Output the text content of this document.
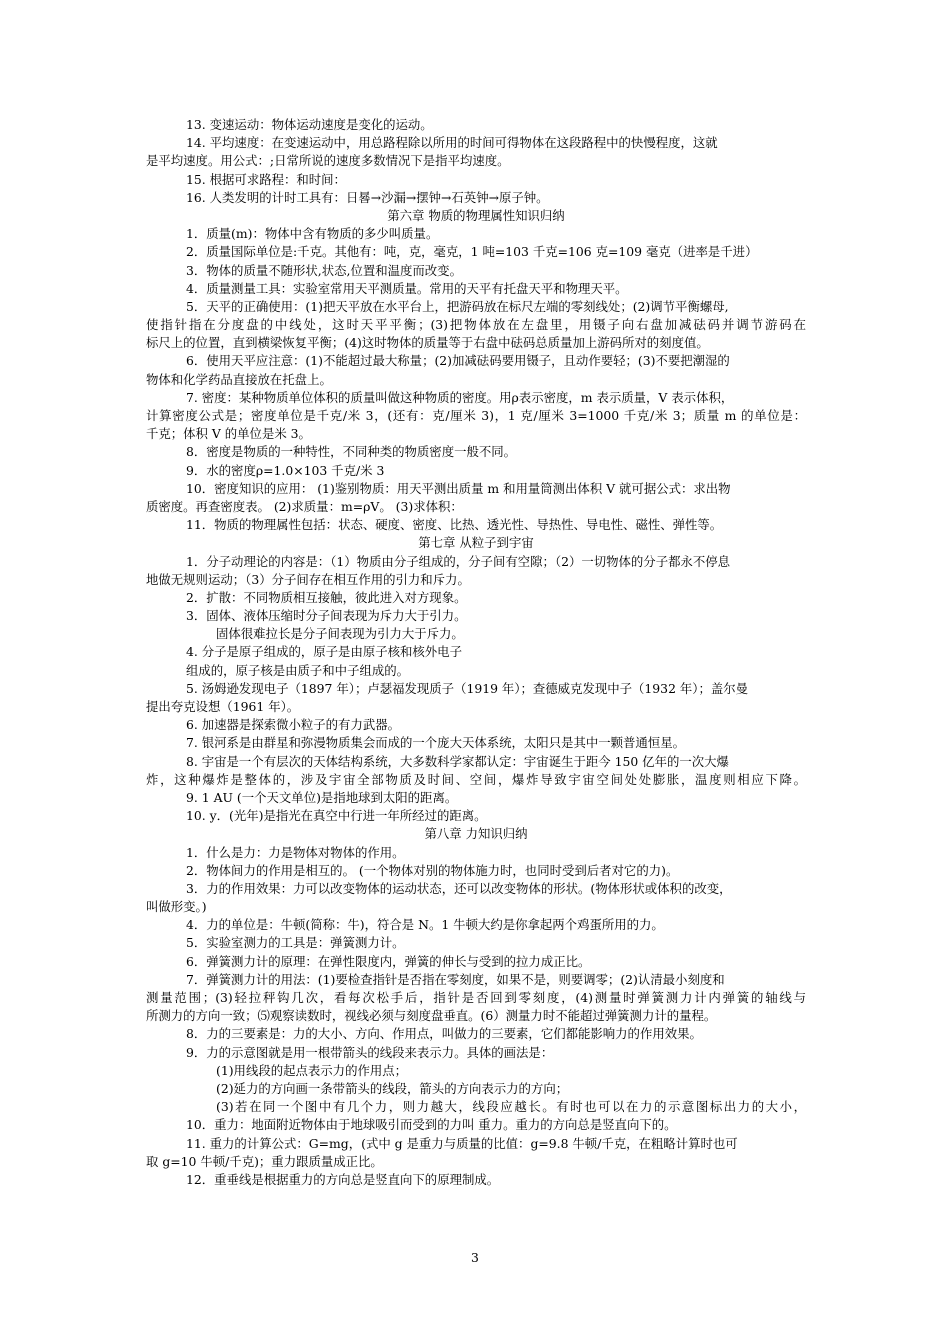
13. 变速运动：物体运动速度是变化的运动。
14. 平均速度：在变速运动中，用总路程除以所用的时间可得物体在这段路程中的快慢程度，这就
是平均速度。用公式：;日常所说的速度多数情况下是指平均速度。
15. 根据可求路程：和时间：
16. 人类发明的计时工具有：日晷→沙漏→摆钟→石英钟→原子钟。
第六章 物质的物理属性知识归纳
1．质量(m)：物体中含有物质的多少叫质量。
2．质量国际单位是:千克。其他有：吨，克，毫克，1 吨=103 千克=106 克=109 毫克（进率是千进）
3．物体的质量不随形状,状态,位置和温度而改变。
4．质量测量工具：实验室常用天平测质量。常用的天平有托盘天平和物理天平。
5．天平的正确使用：(1)把天平放在水平台上，把游码放在标尺左端的零刻线处；(2)调节平衡螺母,
使指针指在分度盘的中线处，这时天平平衡；(3)把物体放在左盘里，用镊子向右盘加减砝码并调节游码在
标尺上的位置，直到横梁恢复平衡；(4)这时物体的质量等于右盘中砝码总质量加上游码所对的刻度值。
6．使用天平应注意：(1)不能超过最大称量；(2)加减砝码要用镊子，且动作要轻；(3)不要把潮湿的
物体和化学药品直接放在托盘上。
7. 密度：某种物质单位体积的质量叫做这种物质的密度。用ρ表示密度，m 表示质量，V 表示体积，
计算密度公式是；密度单位是千克/米 3，(还有：克/厘米 3)，1 克/厘米 3=1000 千克/米 3；质量 m 的单位是：
千克；体积 V 的单位是米 3。
8．密度是物质的一种特性，不同种类的物质密度一般不同。
9．水的密度ρ=1.0×103 千克/米 3
10．密度知识的应用： (1)鉴别物质：用天平测出质量 m 和用量筒测出体积 V 就可据公式：求出物
质密度。再查密度表。 (2)求质量：m=ρV。 (3)求体积：
11．物质的物理属性包括：状态、硬度、密度、比热、透光性、导热性、导电性、磁性、弹性等。
第七章 从粒子到宇宙
1．分子动理论的内容是：（1）物质由分子组成的，分子间有空隙；（2）一切物体的分子都永不停息
地做无规则运动；（3）分子间存在相互作用的引力和斥力。
2．扩散：不同物质相互接触，彼此进入对方现象。
3．固体、液体压缩时分子间表现为斥力大于引力。
固体很难拉长是分子间表现为引力大于斥力。
4. 分子是原子组成的，原子是由原子核和核外电子
组成的，原子核是由质子和中子组成的。
5. 汤姆逊发现电子（1897 年）；卢瑟福发现质子（1919 年）；查德威克发现中子（1932 年）；盖尔曼
提出夸克设想（1961 年）。
6. 加速器是探索微小粒子的有力武器。
7. 银河系是由群星和弥漫物质集会而成的一个庞大天体系统，太阳只是其中一颗普通恒星。
8. 宇宙是一个有层次的天体结构系统，大多数科学家都认定：宇宙诞生于距今 150 亿年的一次大爆
炸，这种爆炸是整体的，涉及宇宙全部物质及时间、空间，爆炸导致宇宙空间处处膨胀，温度则相应下降。
9. 1 AU (一个天文单位)是指地球到太阳的距离。
10. y．(光年)是指光在真空中行进一年所经过的距离。
第八章 力知识归纳
1．什么是力：力是物体对物体的作用。
2．物体间力的作用是相互的。 (一个物体对别的物体施力时，也同时受到后者对它的力)。
3．力的作用效果：力可以改变物体的运动状态，还可以改变物体的形状。(物体形状或体积的改变，
叫做形变。)
4．力的单位是：牛顿(简称：牛)，符合是 N。1 牛顿大约是你拿起两个鸡蛋所用的力。
5．实验室测力的工具是：弹簧测力计。
6．弹簧测力计的原理：在弹性限度内，弹簧的伸长与受到的拉力成正比。
7．弹簧测力计的用法：(1)要检查指针是否指在零刻度，如果不是，则要调零；(2)认清最小刻度和
测量范围；(3)轻拉秤钩几次，看每次松手后，指针是否回到零刻度，(4)测量时弹簧测力计内弹簧的轴线与
所测力的方向一致；⑸观察读数时，视线必须与刻度盘垂直。(6）测量力时不能超过弹簧测力计的量程。
8．力的三要素是：力的大小、方向、作用点，叫做力的三要素，它们都能影响力的作用效果。
9．力的示意图就是用一根带箭头的线段来表示力。具体的画法是：
(1)用线段的起点表示力的作用点；
(2)延力的方向画一条带箭头的线段，箭头的方向表示力的方向；
(3)若在同一个图中有几个力，则力越大，线段应越长。有时也可以在力的示意图标出力的大小，
10．重力：地面附近物体由于地球吸引而受到的力叫 重力。重力的方向总是竖直向下的。
11. 重力的计算公式：G=mg，(式中 g 是重力与质量的比值：g=9.8 牛顿/千克，在粗略计算时也可
取 g=10 牛顿/千克)；重力跟质量成正比。
12．重垂线是根据重力的方向总是竖直向下的原理制成。
3
